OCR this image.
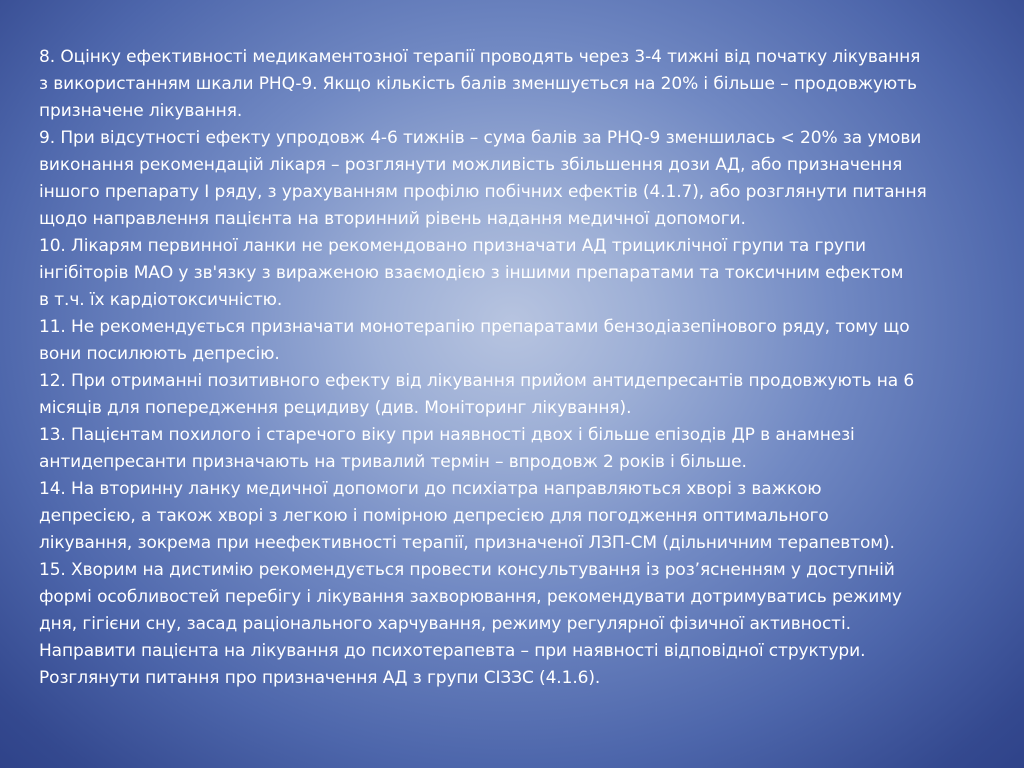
8. Оцінку ефективності медикаментозної терапії проводять через 3-4 тижні від початку лікування
з використанням шкали PHQ-9. Якщо кількість балів зменшується на 20% і більше – продовжують
призначене лікування.
9. При відсутності ефекту упродовж 4-6 тижнів – сума балів за PHQ-9 зменшилась < 20% за умови
виконання рекомендацій лікаря – розглянути можливість збільшення дози АД, або призначення
іншого препарату І ряду, з урахуванням профілю побічних ефектів (4.1.7), або розглянути питання
щодо направлення пацієнта на вторинний рівень надання медичної допомоги.
10. Лікарям первинної ланки не рекомендовано призначати АД трициклічної групи та групи
інгібіторів МАО у зв'язку з вираженою взаємодією з іншими препаратами та токсичним ефектом
в т.ч. їх кардіотоксичністю.
11. Не рекомендується призначати монотерапію препаратами бензодіазепінового ряду, тому що
вони посилюють депресію.
12. При отриманні позитивного ефекту від лікування прийом антидепресантів продовжують на 6
місяців для попередження рецидиву (див. Моніторинг лікування).
13. Пацієнтам похилого і старечого віку при наявності двох і більше епізодів ДР в анамнезі
антидепресанти призначають на тривалий термін – впродовж 2 років і більше.
14. На вторинну ланку медичної допомоги до психіатра направляються хворі з важкою
депресією, а також хворі з легкою і помірною депресією для погодження оптимального
лікування, зокрема при неефективності терапії, призначеної ЛЗП-СМ (дільничним терапевтом).
15. Хворим на дистимію рекомендується провести консультування із роз’ясненням у доступній
формі особливостей перебігу і лікування захворювання, рекомендувати дотримуватись режиму
дня, гігієни сну, засад раціонального харчування, режиму регулярної фізичної активності.
Направити пацієнта на лікування до психотерапевта – при наявності відповідної структури.
Розглянути питання про призначення АД з групи СІЗЗС (4.1.6).
